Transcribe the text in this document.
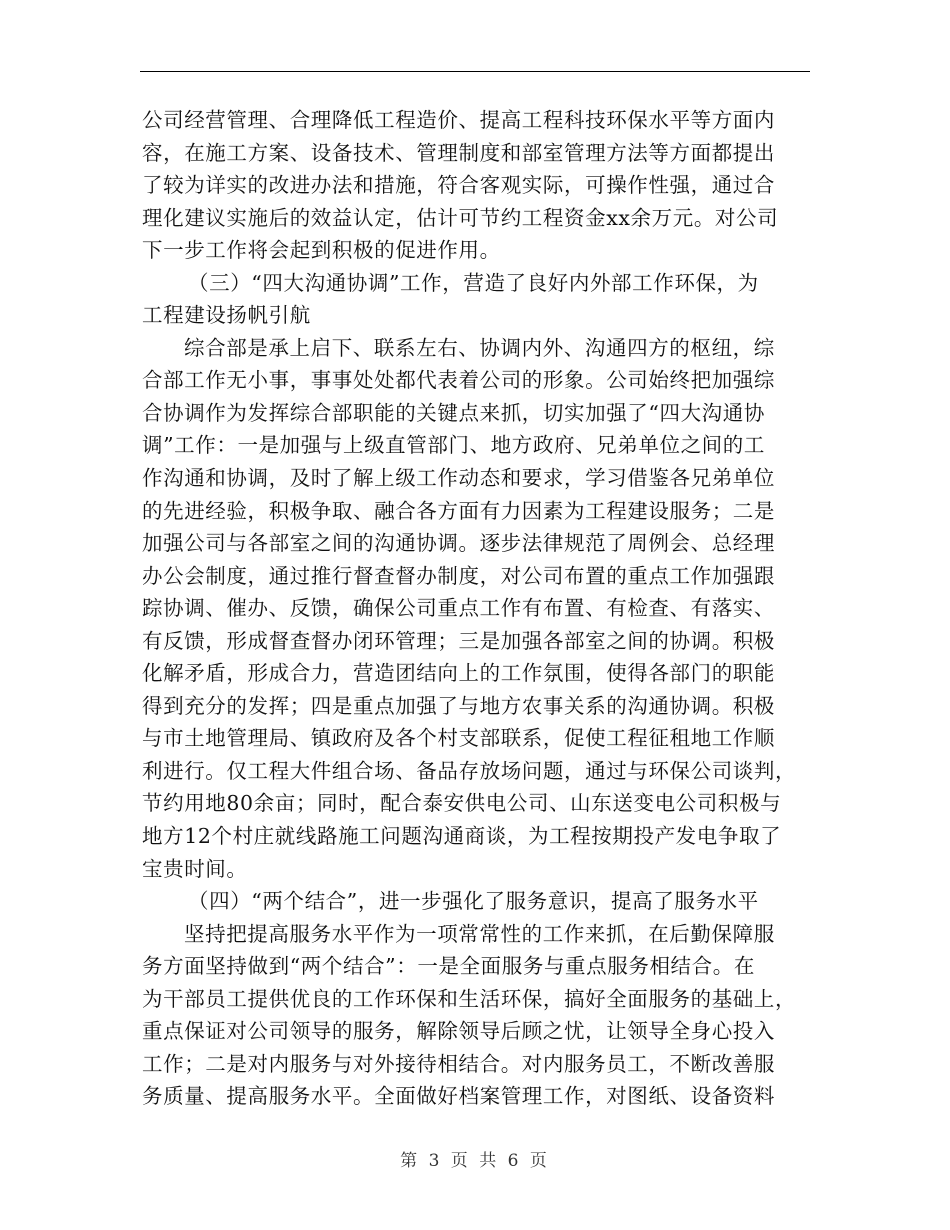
公司经营管理、合理降低工程造价、提高工程科技环保水平等方面内
容，在施工方案、设备技术、管理制度和部室管理方法等方面都提出
了较为详实的改进办法和措施，符合客观实际，可操作性强，通过合
理化建议实施后的效益认定，估计可节约工程资金xx余万元。对公司
下一步工作将会起到积极的促进作用。
（三）“四大沟通协调”工作，营造了良好内外部工作环保，为
工程建设扬帆引航
综合部是承上启下、联系左右、协调内外、沟通四方的枢纽，综
合部工作无小事，事事处处都代表着公司的形象。公司始终把加强综
合协调作为发挥综合部职能的关键点来抓，切实加强了“四大沟通协
调”工作：一是加强与上级直管部门、地方政府、兄弟单位之间的工
作沟通和协调，及时了解上级工作动态和要求，学习借鉴各兄弟单位
的先进经验，积极争取、融合各方面有力因素为工程建设服务；二是
加强公司与各部室之间的沟通协调。逐步法律规范了周例会、总经理
办公会制度，通过推行督查督办制度，对公司布置的重点工作加强跟
踪协调、催办、反馈，确保公司重点工作有布置、有检查、有落实、
有反馈，形成督查督办闭环管理；三是加强各部室之间的协调。积极
化解矛盾，形成合力，营造团结向上的工作氛围，使得各部门的职能
得到充分的发挥；四是重点加强了与地方农事关系的沟通协调。积极
与市土地管理局、镇政府及各个村支部联系，促使工程征租地工作顺
利进行。仅工程大件组合场、备品存放场问题，通过与环保公司谈判，
节约用地80余亩；同时，配合泰安供电公司、山东送变电公司积极与
地方12个村庄就线路施工问题沟通商谈，为工程按期投产发电争取了
宝贵时间。
（四）“两个结合”，进一步强化了服务意识，提高了服务水平
坚持把提高服务水平作为一项常常性的工作来抓，在后勤保障服
务方面坚持做到“两个结合”：一是全面服务与重点服务相结合。在
为干部员工提供优良的工作环保和生活环保，搞好全面服务的基础上，
重点保证对公司领导的服务，解除领导后顾之忧，让领导全身心投入
工作；二是对内服务与对外接待相结合。对内服务员工，不断改善服
务质量、提高服务水平。全面做好档案管理工作，对图纸、设备资料
第 3 页 共 6 页
